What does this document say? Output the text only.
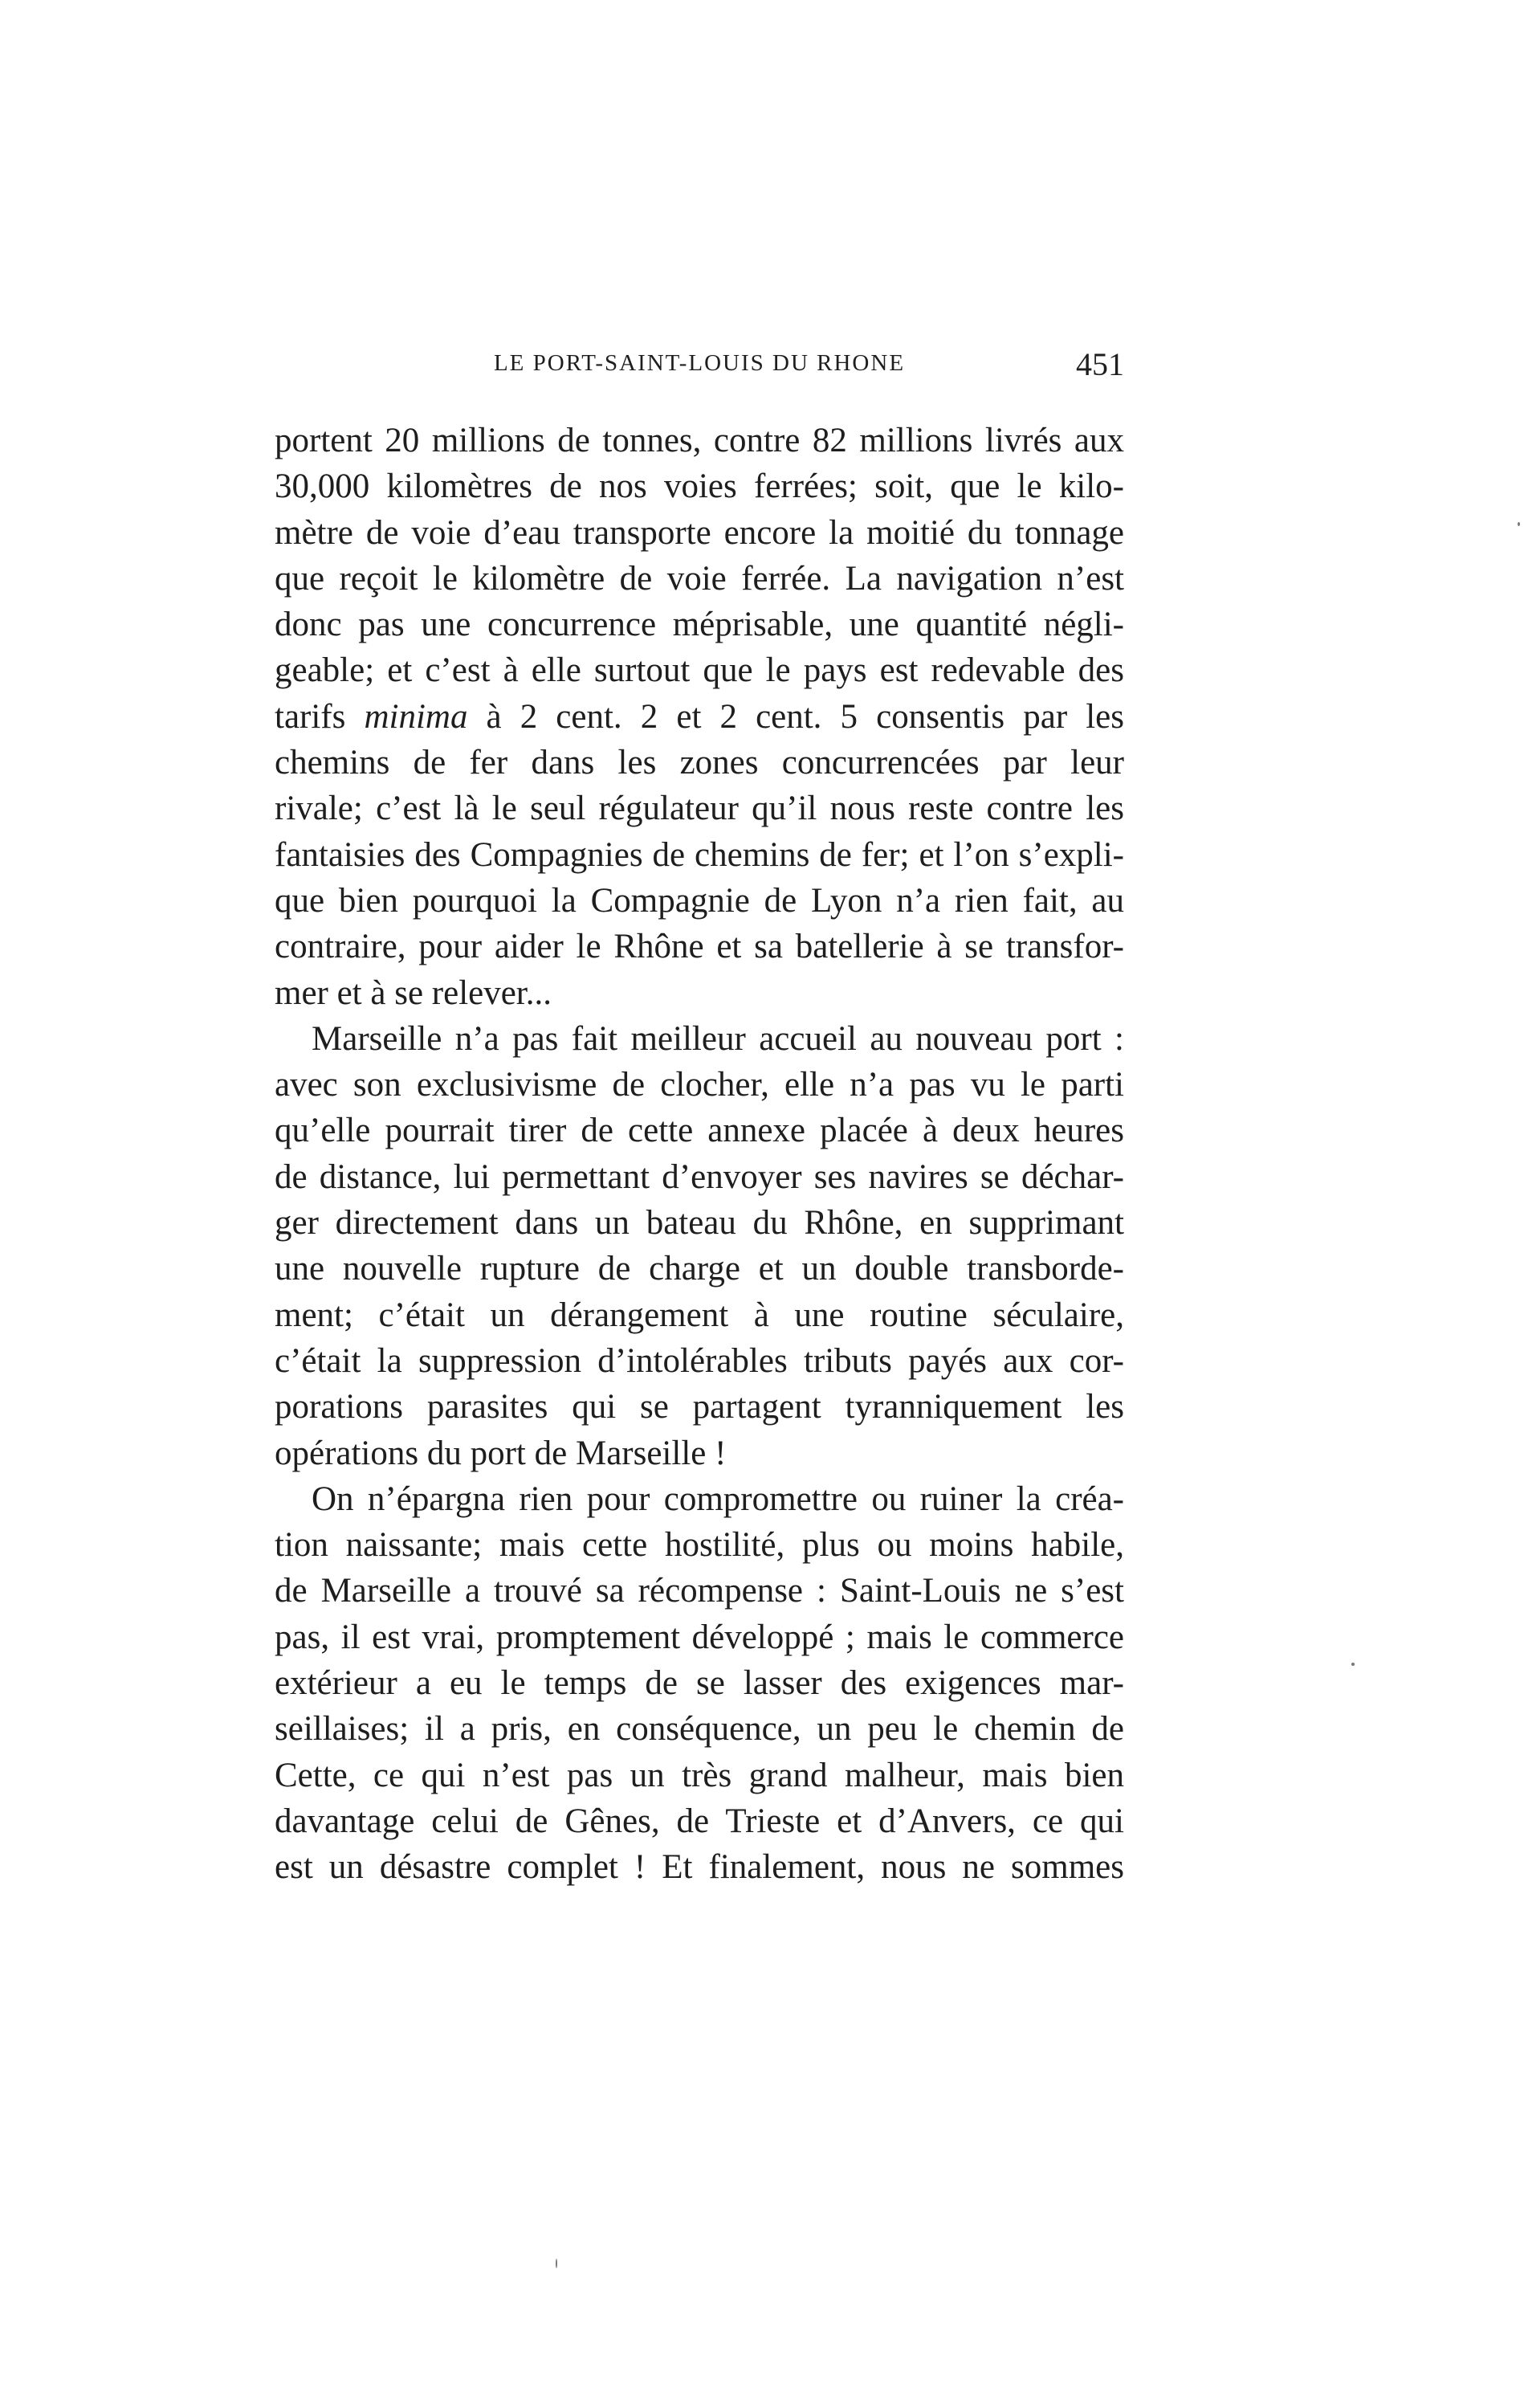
LE PORT-SAINT-LOUIS DU RHONE	451
portent 20 millions de tonnes, contre 82 millions livrés aux
30,000 kilomètres de nos voies ferrées; soit, que le kilo-
mètre de voie d’eau transporte encore la moitié du tonnage
que reçoit le kilomètre de voie ferrée. La navigation n’est
donc pas une concurrence méprisable, une quantité négli-
geable; et c’est à elle surtout que le pays est redevable des
tarifs minima à 2 cent. 2 et 2 cent. 5 consentis par les
chemins de fer dans les zones concurrencées par leur
rivale; c’est là le seul régulateur qu’il nous reste contre les
fantaisies des Compagnies de chemins de fer; et l’on s’expli-
que bien pourquoi la Compagnie de Lyon n’a rien fait, au
contraire, pour aider le Rhône et sa batellerie à se transfor-
mer et à se relever...
Marseille n’a pas fait meilleur accueil au nouveau port :
avec son exclusivisme de clocher, elle n’a pas vu le parti
qu’elle pourrait tirer de cette annexe placée à deux heures
de distance, lui permettant d’envoyer ses navires se déchar-
ger directement dans un bateau du Rhône, en supprimant
une nouvelle rupture de charge et un double transborde-
ment; c’était un dérangement à une routine séculaire,
c’était la suppression d’intolérables tributs payés aux cor-
porations parasites qui se partagent tyranniquement les
opérations du port de Marseille !
On n’épargna rien pour compromettre ou ruiner la créa-
tion naissante; mais cette hostilité, plus ou moins habile,
de Marseille a trouvé sa récompense : Saint-Louis ne s’est
pas, il est vrai, promptement développé ; mais le commerce
extérieur a eu le temps de se lasser des exigences mar-
seillaises; il a pris, en conséquence, un peu le chemin de
Cette, ce qui n’est pas un très grand malheur, mais bien
davantage celui de Gênes, de Trieste et d’Anvers, ce qui
est un désastre complet ! Et finalement, nous ne sommes
